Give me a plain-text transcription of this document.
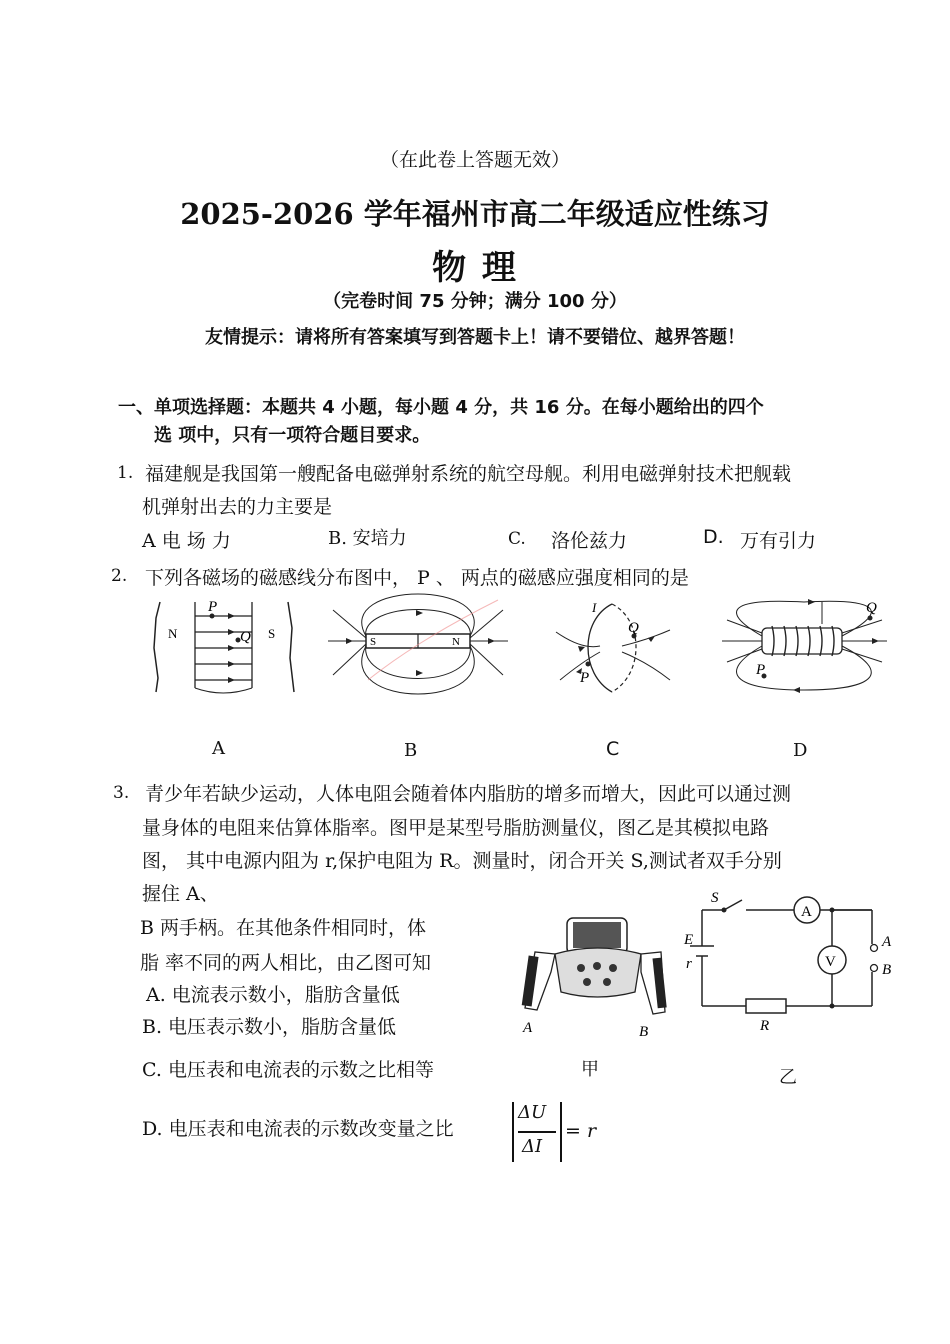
（在此卷上答题无效）
2025-2026 学年福州市高二年级适应性练习
物 理
（完卷时间 75 分钟；满分 100 分）
友情提示：请将所有答案填写到答题卡上！请不要错位、越界答题！
一、单项选择题：本题共 4 小题，每小题 4 分，共 16 分。在每小题给出的四个
选 项中，只有一项符合题目要求。
1. 福建舰是我国第一艘配备电磁弹射系统的航空母舰。利用电磁弹射技术把舰载
机弹射出去的力主要是
A 电 场 力	B. 安培力	C. 洛伦兹力	D. 万有引力
2. 下列各磁场的磁感线分布图中， P 、 两点的磁感应强度相同的是
P
Q
N	S
S	N
I
Q
P
Q
P
A	B	C	D
3. 青少年若缺少运动，人体电阻会随着体内脂肪的增多而增大，因此可以通过测
量身体的电阻来估算体脂率。图甲是某型号脂肪测量仪，图乙是其模拟电路
图， 其中电源内阻为 r,保护电阻为 R。测量时，闭合开关 S,测试者双手分别
握住 A、
B 两手柄。在其他条件相同时，体
脂 率不同的两人相比，由乙图可知
A. 电流表示数小，脂肪含量低
B. 电压表示数小，脂肪含量低
C. 电压表和电流表的示数之比相等
D. 电压表和电流表的示数改变量之比
ΔU
ΔI
= r
A	B
甲
S
A
V
E
r
R
A
B
乙
